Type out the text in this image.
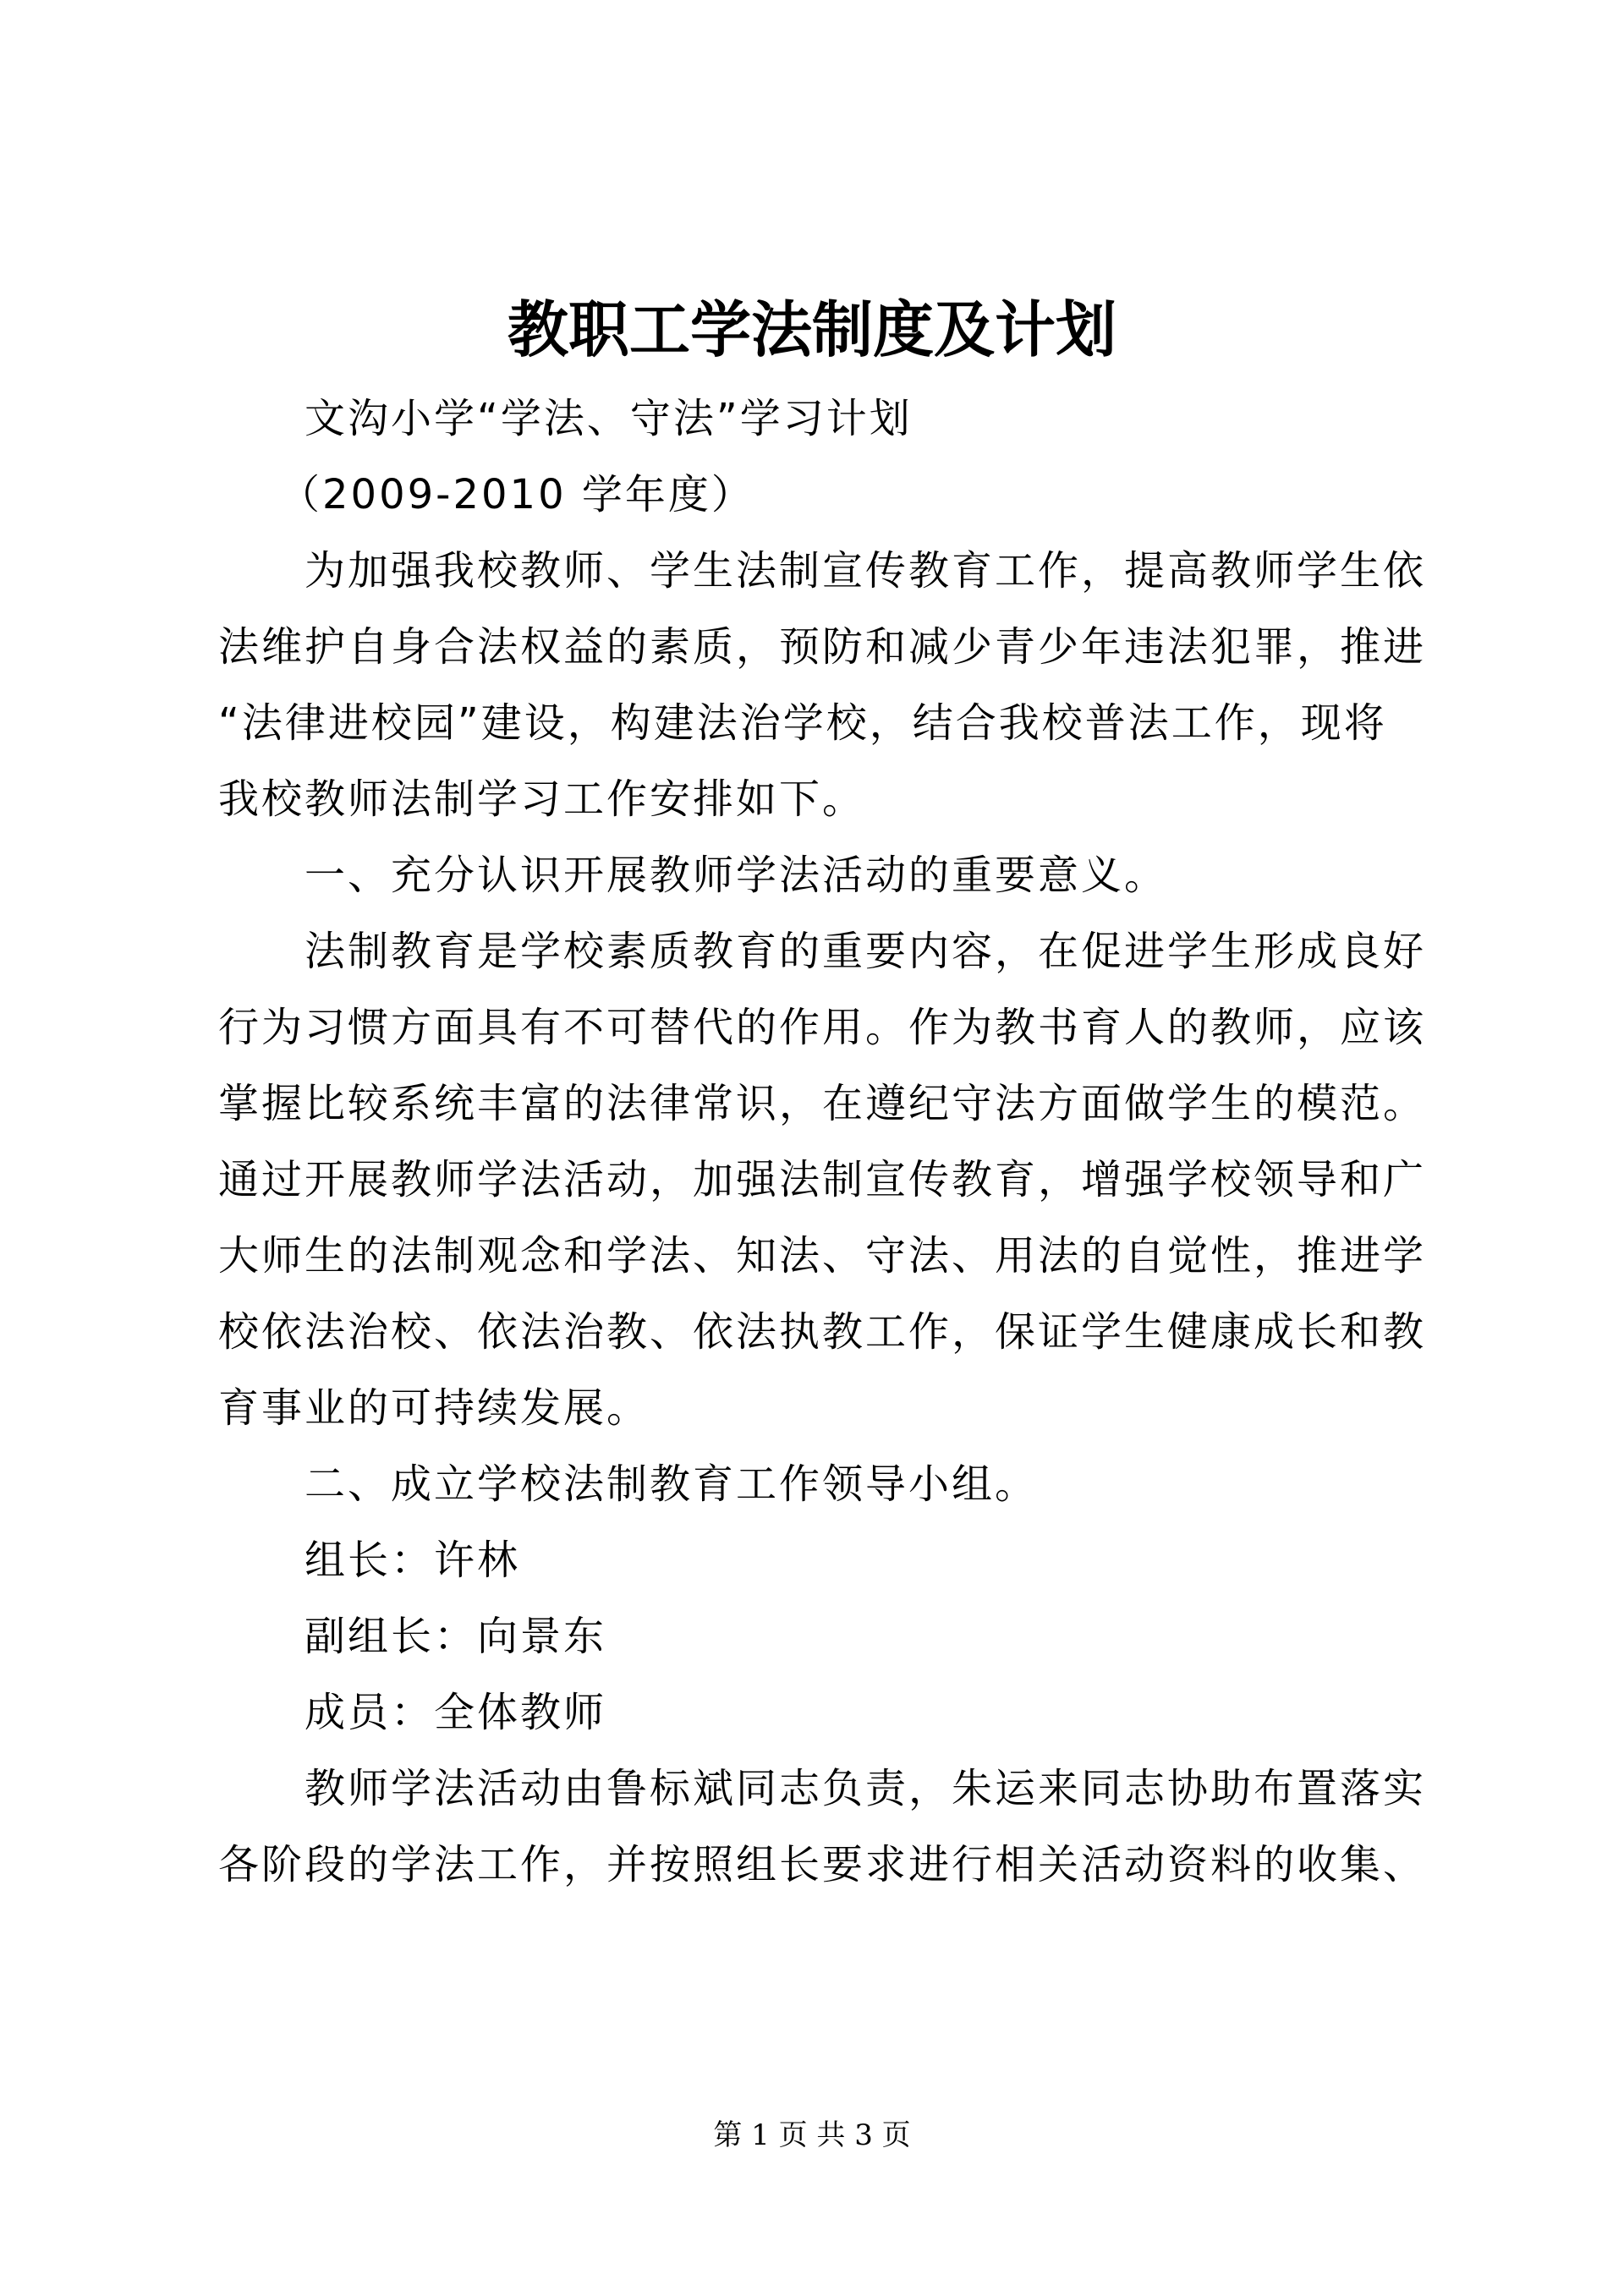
教职工学法制度及计划
文沟小学“学法、守法”学习计划
（2009-2010 学年度）
为加强我校教师、学生法制宣传教育工作，提高教师学生依
法维护自身合法权益的素质，预防和减少青少年违法犯罪，推进
“法律进校园”建设，构建法治学校，结合我校普法工作，现将
我校教师法制学习工作安排如下。
一、充分认识开展教师学法活动的重要意义。
法制教育是学校素质教育的重要内容，在促进学生形成良好
行为习惯方面具有不可替代的作用。作为教书育人的教师，应该
掌握比较系统丰富的法律常识，在遵纪守法方面做学生的模范。
通过开展教师学法活动，加强法制宣传教育，增强学校领导和广
大师生的法制观念和学法、知法、守法、用法的自觉性，推进学
校依法治校、依法治教、依法执教工作，保证学生健康成长和教
育事业的可持续发展。
二、成立学校法制教育工作领导小组。
组长：许林
副组长：向景东
成员：全体教师
教师学法活动由鲁标斌同志负责，朱运来同志协助布置落实
各阶段的学法工作，并按照组长要求进行相关活动资料的收集、
第 1 页 共 3 页
